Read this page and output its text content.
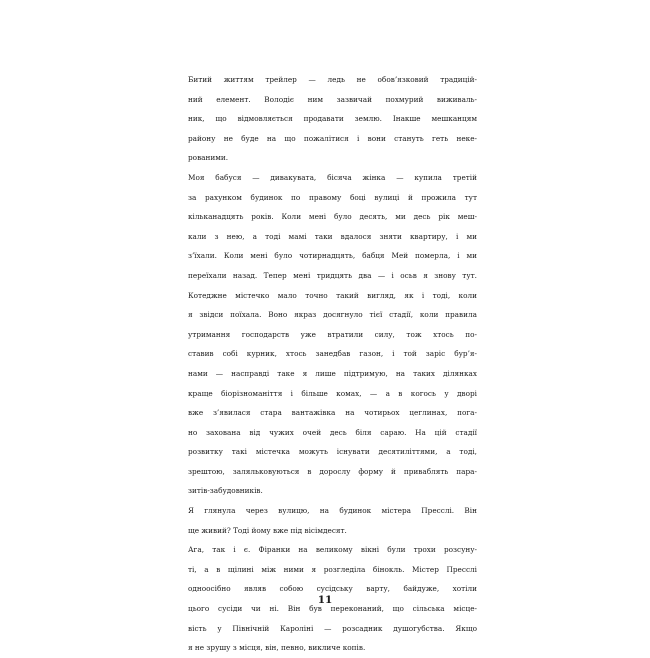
Битий життям трейлер — ледь не обов’язковий традицій-
ний елемент. Володіє ним зазвичай похмурий виживаль-
ник, що відмовляється продавати землю. Інакше мешканцям
району не буде на що пожалітися і вони стануть геть неке-
рованими.

Моя бабуся — дивакувата, бісяча жінка — купила третій
за рахунком будинок по правому боці вулиці й прожила тут
кільканадцять років. Коли мені було десять, ми десь рік меш-
кали з нею, а тоді мамі таки вдалося зняти квартиру, і ми
з’їхали. Коли мені було чотирнадцять, бабця Мей померла, і ми
переїхали назад. Тепер мені тридцять два — і осьв я знову тут.

Котеджне містечко мало точно такий вигляд, як і тоді, коли
я звідси поїхала. Воно якраз досягнуло тієї стадії, коли правила
утримання господарств уже втратили силу, тож хтось по-
ставив собі курник, хтось занедбав газон, і той заріс бур’я-
нами — насправді таке я лише підтримую, на таких ділянках
краще біорізноманіття і більше комах, — а в когось у дворі
вже з’явилася стара вантажівка на чотирьох цеглинах, пога-
но захована від чужих очей десь біля сараю. На цій стадії
розвитку такі містечка можуть існувати десятиліттями, а тоді,
зрештою, заляльковуються в дорослу форму й приваблять пара-
зитів-забудовників.

Я глянула через вулицю, на будинок містера Пресслі. Він
ще живий? Тоді йому вже під вісімдесят.

Ага, так і є. Фіранки на великому вікні були трохи розсуну-
ті, а в щілині між ними я розгледіла бінокль. Містер Пресслі
одноосібно являв собою сусідську варту, байдуже, хотіли
цього сусіди чи ні. Він був переконаний, що сільська місце-
вість у Північній Кароліні — розсадник душогубства. Якщо
я не зрушу з місця, він, певно, викличе копів.

11
